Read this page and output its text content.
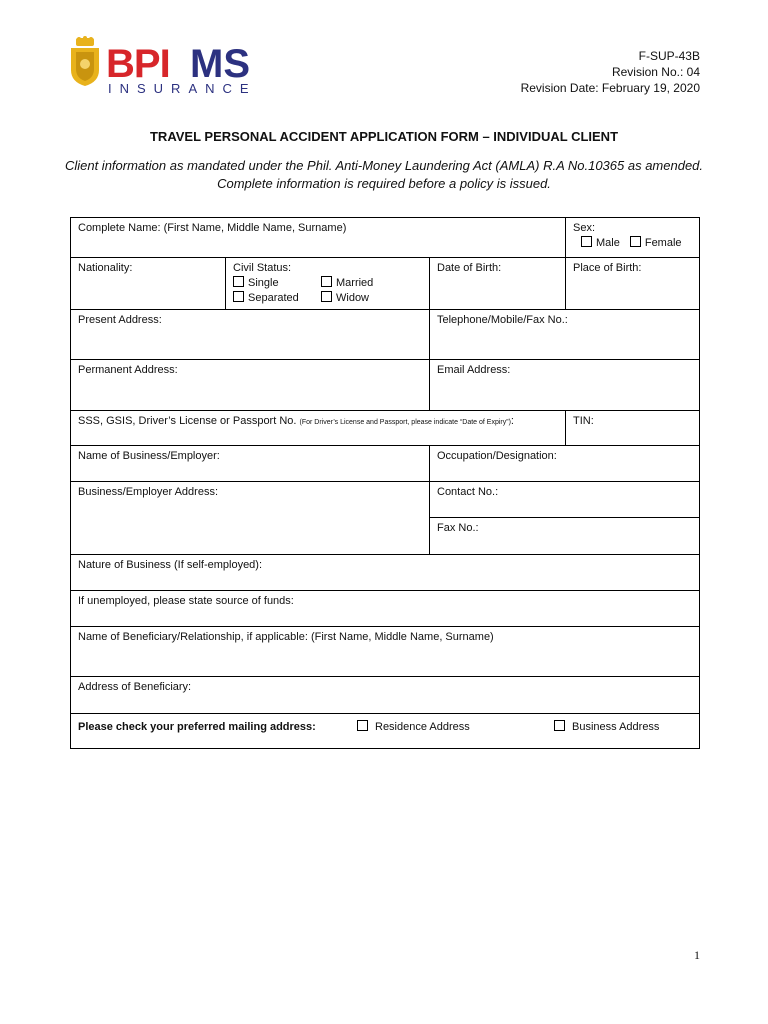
BPI MS
INSURANCE
F-SUP-43B
Revision No.: 04
Revision Date: February 19, 2020
TRAVEL PERSONAL ACCIDENT APPLICATION FORM – INDIVIDUAL CLIENT
Client information as mandated under the Phil. Anti-Money Laundering Act (AMLA) R.A No.10365 as amended.
Complete information is required before a policy is issued.
Complete Name: (First Name, Middle Name, Surname)	Sex:
Male Female
Nationality:	Civil Status:
Single
Separated
Married
Widow
Date of Birth:	Place of Birth:
Present Address:	Telephone/Mobile/Fax No.:
Permanent Address:	Email Address:
SSS, GSIS, Driver’s License or Passport No. (For Driver’s License and Passport, please indicate “Date of Expiry”):	TIN:
Name of Business/Employer:	Occupation/Designation:
Business/Employer Address:	Contact No.:
Fax No.:
Nature of Business (If self-employed):
If unemployed, please state source of funds:
Name of Beneficiary/Relationship, if applicable: (First Name, Middle Name, Surname)
Address of Beneficiary:
Please check your preferred mailing address:	Residence Address	Business Address
1
